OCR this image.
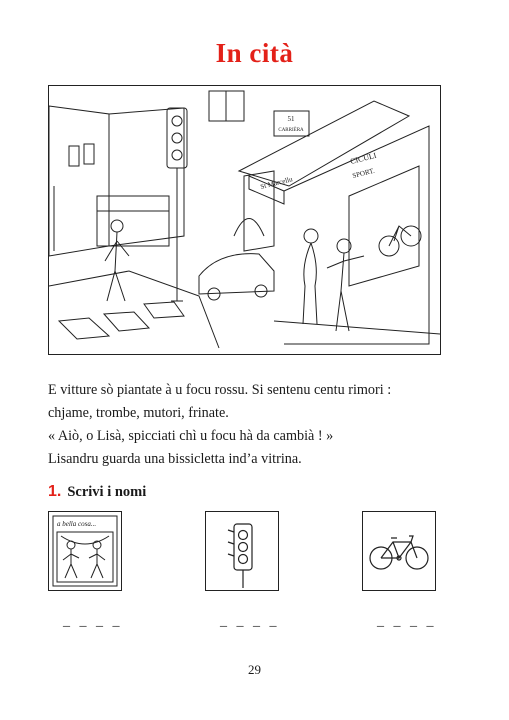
In cità
51
CARRIÈRA
St Marcellu
CICULI
SPORT.
E vitture sò piantate à u focu rossu. Si sentenu centu rimori :
chjame, trombe, mutori, frinate.
« Aiò, o Lisà, spicciati chì u focu hà da cambià ! »
Lisandru guarda una bissicletta ind’a vitrina.
1. Scrivi i nomi
a bella cosa...
_ _ _ _	_ _ _ _	_ _ _ _
29
